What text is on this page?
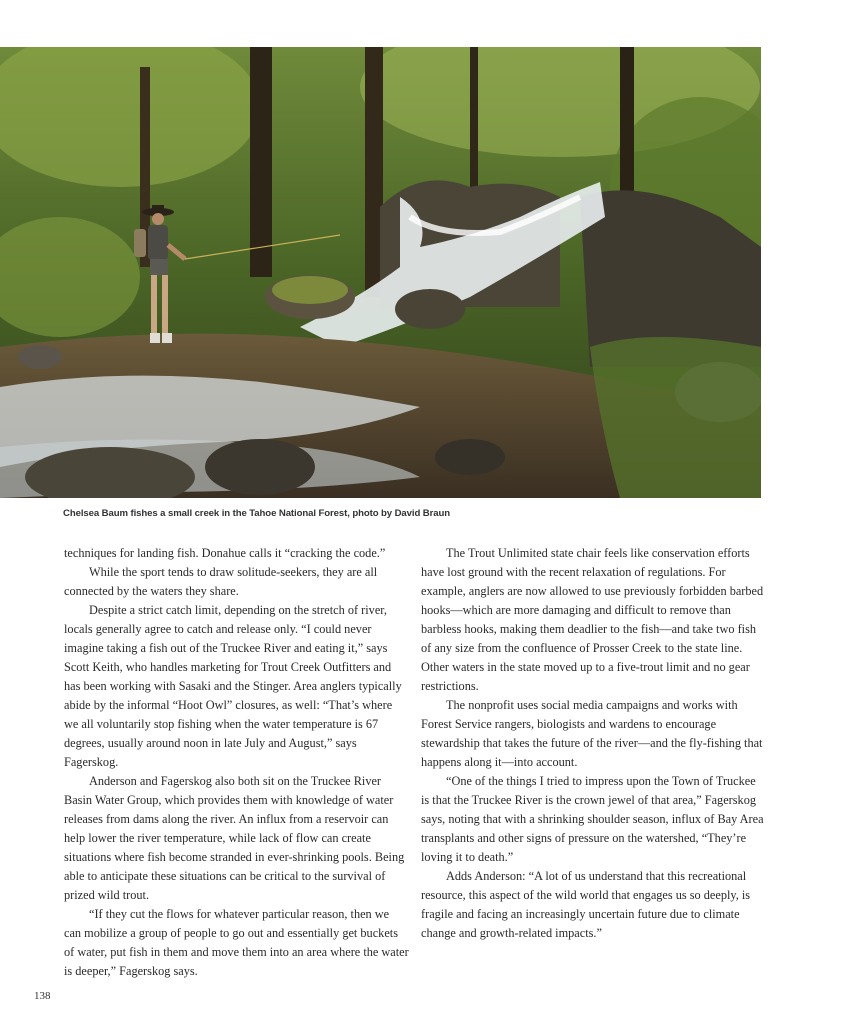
Chelsea Baum fishes a small creek in the Tahoe National Forest, photo by David Braun

techniques for landing fish. Donahue calls it “cracking the code.”

While the sport tends to draw solitude-seekers, they are all connected by the waters they share.

Despite a strict catch limit, depending on the stretch of river, locals generally agree to catch and release only. “I could never imagine taking a fish out of the Truckee River and eating it,” says Scott Keith, who handles marketing for Trout Creek Outfitters and has been working with Sasaki and the Stinger. Area anglers typically abide by the informal “Hoot Owl” closures, as well: “That’s where we all voluntarily stop fishing when the water temperature is 67 degrees, usually around noon in late July and August,” says Fagerskog.

Anderson and Fagerskog also both sit on the Truckee River Basin Water Group, which provides them with knowledge of water releases from dams along the river. An influx from a reservoir can help lower the river temperature, while lack of flow can create situations where fish become stranded in ever-shrinking pools. Being able to anticipate these situations can be critical to the survival of prized wild trout.

“If they cut the flows for whatever particular reason, then we can mobilize a group of people to go out and essentially get buckets of water, put fish in them and move them into an area where the water is deeper,” Fagerskog says.

The Trout Unlimited state chair feels like conservation efforts have lost ground with the recent relaxation of regulations. For example, anglers are now allowed to use previously forbidden barbed hooks—which are more damaging and difficult to remove than barbless hooks, making them deadlier to the fish—and take two fish of any size from the confluence of Prosser Creek to the state line. Other waters in the state moved up to a five-trout limit and no gear restrictions.

The nonprofit uses social media campaigns and works with Forest Service rangers, biologists and wardens to encourage stewardship that takes the future of the river—and the fly-fishing that happens along it—into account.

“One of the things I tried to impress upon the Town of Truckee is that the Truckee River is the crown jewel of that area,” Fagerskog says, noting that with a shrinking shoulder season, influx of Bay Area transplants and other signs of pressure on the watershed, “They’re loving it to death.”

Adds Anderson: “A lot of us understand that this recreational resource, this aspect of the wild world that engages us so deeply, is fragile and facing an increasingly uncertain future due to climate change and growth-related impacts.”

138
